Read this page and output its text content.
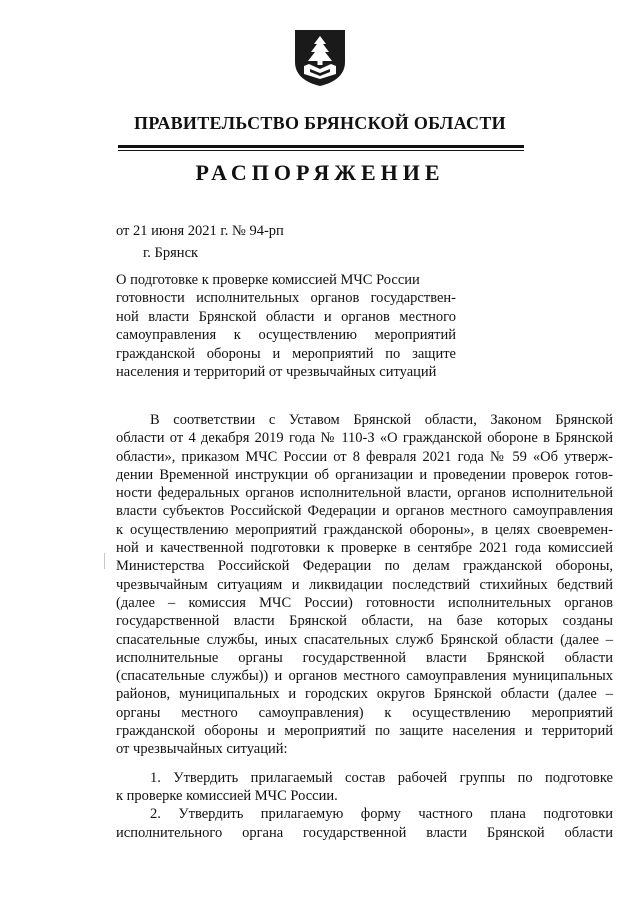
ПРАВИТЕЛЬСТВО БРЯНСКОЙ ОБЛАСТИ
РАСПОРЯЖЕНИЕ
от 21 июня 2021 г. № 94-рп
г. Брянск
О подготовке к проверке комиссией МЧС России
готовности исполнительных органов государствен-
ной власти Брянской области и органов местного
самоуправления к осуществлению мероприятий
гражданской обороны и мероприятий по защите
населения и территорий от чрезвычайных ситуаций
В соответствии с Уставом Брянской области, Законом Брянской
области от 4 декабря 2019 года № 110-З «О гражданской обороне в Брянской
области», приказом МЧС России от 8 февраля 2021 года № 59 «Об утверж-
дении Временной инструкции об организации и проведении проверок готов-
ности федеральных органов исполнительной власти, органов исполнительной
власти субъектов Российской Федерации и органов местного самоуправления
к осуществлению мероприятий гражданской обороны», в целях своевремен-
ной и качественной подготовки к проверке в сентябре 2021 года комиссией
Министерства Российской Федерации по делам гражданской обороны,
чрезвычайным ситуациям и ликвидации последствий стихийных бедствий
(далее – комиссия МЧС России) готовности исполнительных органов
государственной власти Брянской области, на базе которых созданы
спасательные службы, иных спасательных служб Брянской области (далее –
исполнительные органы государственной власти Брянской области
(спасательные службы)) и органов местного самоуправления муниципальных
районов, муниципальных и городских округов Брянской области (далее –
органы местного самоуправления) к осуществлению мероприятий
гражданской обороны и мероприятий по защите населения и территорий
от чрезвычайных ситуаций:
1. Утвердить прилагаемый состав рабочей группы по подготовке
к проверке комиссией МЧС России.
2. Утвердить прилагаемую форму частного плана подготовки
исполнительного органа государственной власти Брянской области
